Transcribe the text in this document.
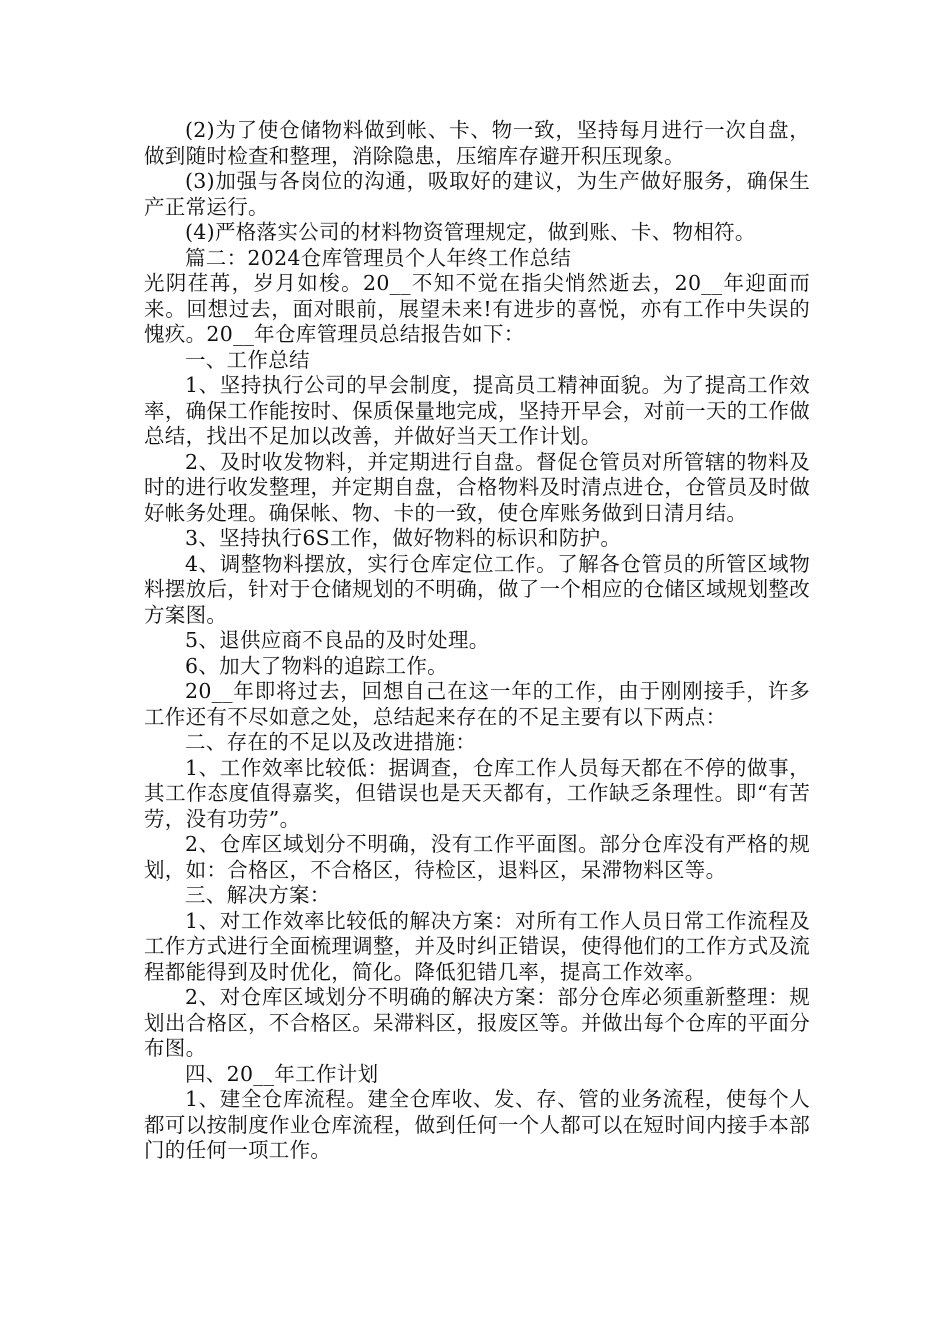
(2)为了使仓储物料做到帐、卡、物一致，坚持每月进行一次自盘，做到随时检查和整理，消除隐患，压缩库存避开积压现象。

(3)加强与各岗位的沟通，吸取好的建议，为生产做好服务，确保生产正常运行。

(4)严格落实公司的材料物资管理规定，做到账、卡、物相符。

篇二：2024仓库管理员个人年终工作总结

光阴荏苒，岁月如梭。20__不知不觉在指尖悄然逝去，20__年迎面而来。回想过去，面对眼前，展望未来!有进步的喜悦，亦有工作中失误的愧疚。20__年仓库管理员总结报告如下：

一、工作总结

1、坚持执行公司的早会制度，提高员工精神面貌。为了提高工作效率，确保工作能按时、保质保量地完成，坚持开早会，对前一天的工作做总结，找出不足加以改善，并做好当天工作计划。

2、及时收发物料，并定期进行自盘。督促仓管员对所管辖的物料及时的进行收发整理，并定期自盘，合格物料及时清点进仓，仓管员及时做好帐务处理。确保帐、物、卡的一致，使仓库账务做到日清月结。

3、坚持执行6S工作，做好物料的标识和防护。

4、调整物料摆放，实行仓库定位工作。了解各仓管员的所管区域物料摆放后，针对于仓储规划的不明确，做了一个相应的仓储区域规划整改方案图。

5、退供应商不良品的及时处理。

6、加大了物料的追踪工作。

20__年即将过去，回想自己在这一年的工作，由于刚刚接手，许多工作还有不尽如意之处，总结起来存在的不足主要有以下两点：

二、存在的不足以及改进措施：

1、工作效率比较低：据调查，仓库工作人员每天都在不停的做事，其工作态度值得嘉奖，但错误也是天天都有，工作缺乏条理性。即“有苦劳，没有功劳”。

2、仓库区域划分不明确，没有工作平面图。部分仓库没有严格的规划，如：合格区，不合格区，待检区，退料区，呆滞物料区等。

三、解决方案：

1、对工作效率比较低的解决方案：对所有工作人员日常工作流程及工作方式进行全面梳理调整，并及时纠正错误，使得他们的工作方式及流程都能得到及时优化，简化。降低犯错几率，提高工作效率。

2、对仓库区域划分不明确的解决方案：部分仓库必须重新整理：规划出合格区，不合格区。呆滞料区，报废区等。并做出每个仓库的平面分布图。

四、20__年工作计划

1、建全仓库流程。建全仓库收、发、存、管的业务流程，使每个人都可以按制度作业仓库流程，做到任何一个人都可以在短时间内接手本部门的任何一项工作。
